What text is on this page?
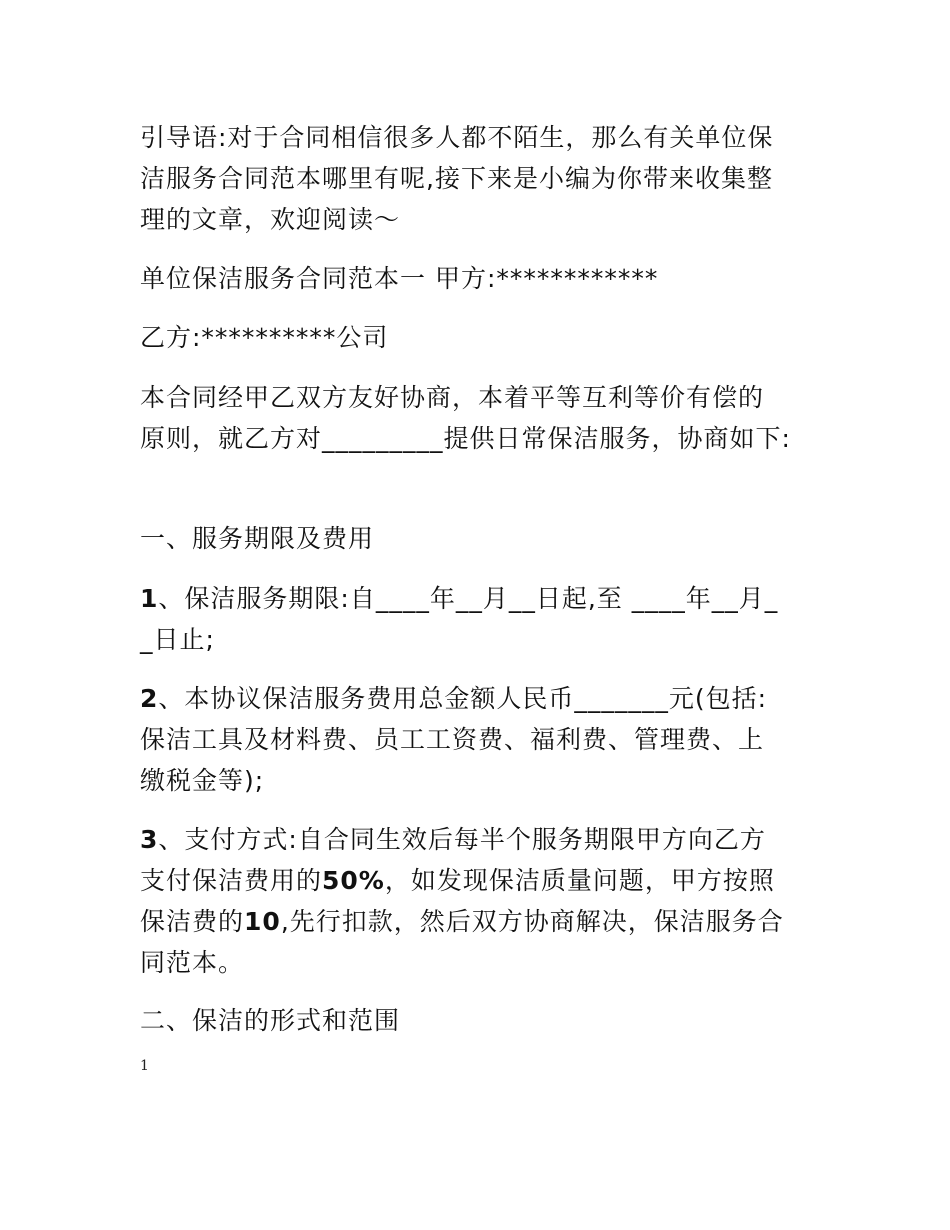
引导语:对于合同相信很多人都不陌生，那么有关单位保

洁服务合同范本哪里有呢,接下来是小编为你带来收集整

理的文章，欢迎阅读～

单位保洁服务合同范本一 甲方:************

乙方:**********公司

本合同经甲乙双方友好协商，本着平等互利等价有偿的

原则，就乙方对_________提供日常保洁服务，协商如下:

一、服务期限及费用

1、保洁服务期限:自____年__月__日起,至 ____年__月_

_日止;

2、本协议保洁服务费用总金额人民币_______元(包括:

保洁工具及材料费、员工工资费、福利费、管理费、上

缴税金等);

3、支付方式:自合同生效后每半个服务期限甲方向乙方

支付保洁费用的50%，如发现保洁质量问题，甲方按照

保洁费的10,先行扣款，然后双方协商解决，保洁服务合

同范本。

二、保洁的形式和范围

1
